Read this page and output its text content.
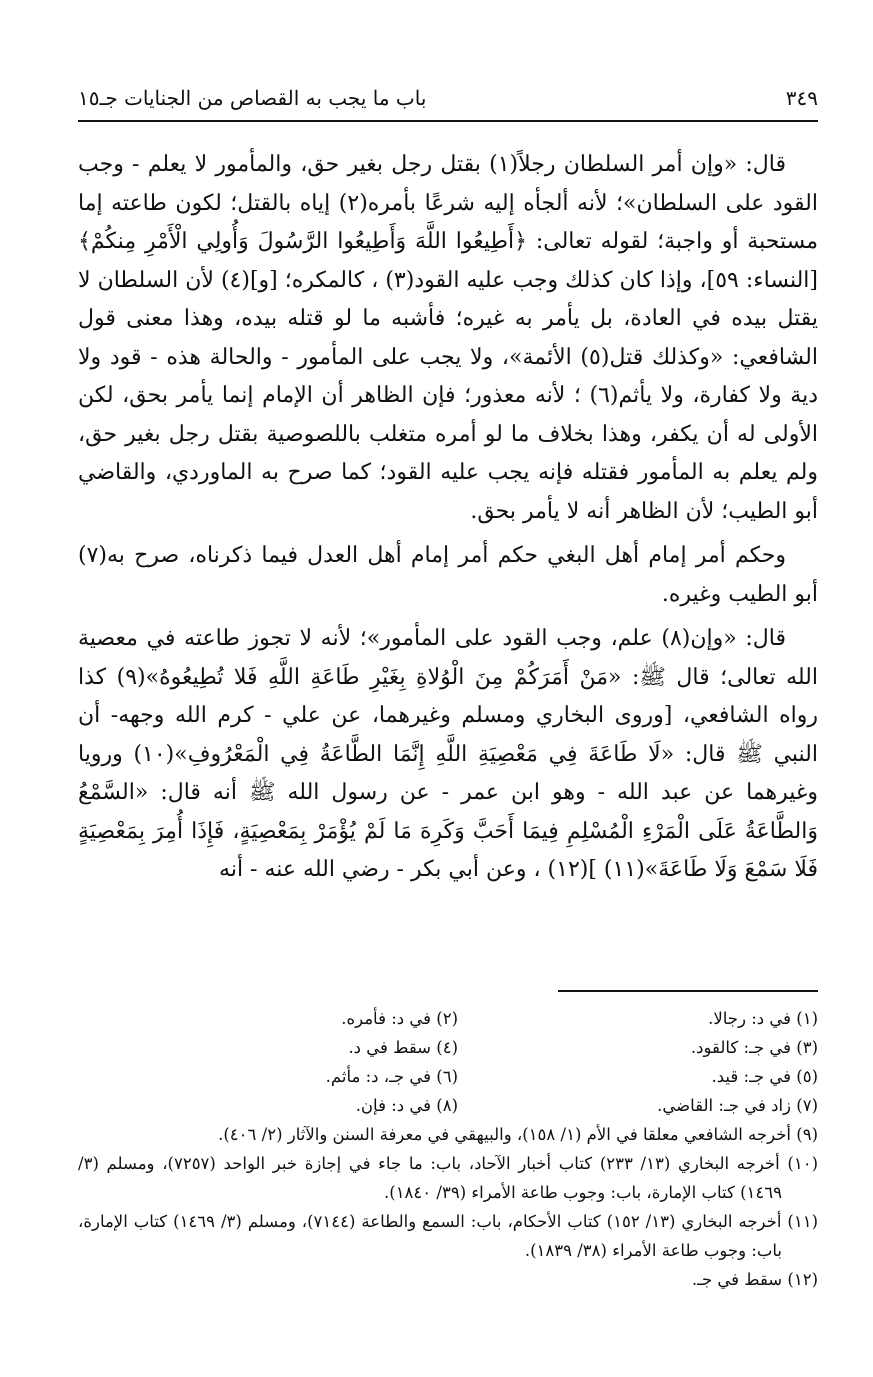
باب ما يجب به القصاص من الجنايات جـ١٥	٣٤٩

قال: «وإن أمر السلطان رجلاً(١) بقتل رجل بغير حق، والمأمور لا يعلم - وجب القود على السلطان»؛ لأنه ألجأه إليه شرعًا بأمره(٢) إياه بالقتل؛ لكون طاعته إما مستحبة أو واجبة؛ لقوله تعالى: ﴿أَطِيعُوا اللَّهَ وَأَطِيعُوا الرَّسُولَ وَأُولِي الْأَمْرِ مِنكُمْ﴾ [النساء: ٥٩]، وإذا كان كذلك وجب عليه القود(٣) ، كالمكره؛ [و](٤) لأن السلطان لا يقتل بيده في العادة، بل يأمر به غيره؛ فأشبه ما لو قتله بيده، وهذا معنى قول الشافعي: «وكذلك قتل(٥) الأئمة»، ولا يجب على المأمور - والحالة هذه - قود ولا دية ولا كفارة، ولا يأثم(٦) ؛ لأنه معذور؛ فإن الظاهر أن الإمام إنما يأمر بحق، لكن الأولى له أن يكفر، وهذا بخلاف ما لو أمره متغلب باللصوصية بقتل رجل بغير حق، ولم يعلم به المأمور فقتله فإنه يجب عليه القود؛ كما صرح به الماوردي، والقاضي أبو الطيب؛ لأن الظاهر أنه لا يأمر بحق.

وحكم أمر إمام أهل البغي حكم أمر إمام أهل العدل فيما ذكرناه، صرح به(٧) أبو الطيب وغيره.

قال: «وإن(٨) علم، وجب القود على المأمور»؛ لأنه لا تجوز طاعته في معصية الله تعالى؛ قال ﷺ: «مَنْ أَمَرَكُمْ مِنَ الْوُلاةِ بِغَيْرِ طَاعَةِ اللَّهِ فَلا تُطِيعُوهُ»(٩) كذا رواه الشافعي، [وروى البخاري ومسلم وغيرهما، عن علي - كرم الله وجهه- أن النبي ﷺ قال: «لَا طَاعَةَ فِي مَعْصِيَةِ اللَّهِ إِنَّمَا الطَّاعَةُ فِي الْمَعْرُوفِ»(١٠) ورويا وغيرهما عن عبد الله - وهو ابن عمر - عن رسول الله ﷺ أنه قال: «السَّمْعُ وَالطَّاعَةُ عَلَى الْمَرْءِ الْمُسْلِمِ فِيمَا أَحَبَّ وَكَرِهَ مَا لَمْ يُؤْمَرْ بِمَعْصِيَةٍ، فَإِذَا أُمِرَ بِمَعْصِيَةٍ فَلَا سَمْعَ وَلَا طَاعَةَ»(١١) ](١٢) ، وعن أبي بكر - رضي الله عنه - أنه

(١) في د: رجالا.
(٢) في د: فأمره.
(٣) في جـ: كالقود.
(٤) سقط في د.
(٥) في جـ: قيد.
(٦) في جـ، د: مأثم.
(٧) زاد في جـ: القاضي.
(٨) في د: فإن.
(٩) أخرجه الشافعي معلقا في الأم (١/ ١٥٨)، والبيهقي في معرفة السنن والآثار (٢/ ٤٠٦).
(١٠) أخرجه البخاري (١٣/ ٢٣٣) كتاب أخبار الآحاد، باب: ما جاء في إجازة خبر الواحد (٧٢٥٧)، ومسلم (٣/ ١٤٦٩) كتاب الإمارة، باب: وجوب طاعة الأمراء (٣٩/ ١٨٤٠).
(١١) أخرجه البخاري (١٣/ ١٥٢) كتاب الأحكام، باب: السمع والطاعة (٧١٤٤)، ومسلم (٣/ ١٤٦٩) كتاب الإمارة، باب: وجوب طاعة الأمراء (٣٨/ ١٨٣٩).
(١٢) سقط في جـ.
